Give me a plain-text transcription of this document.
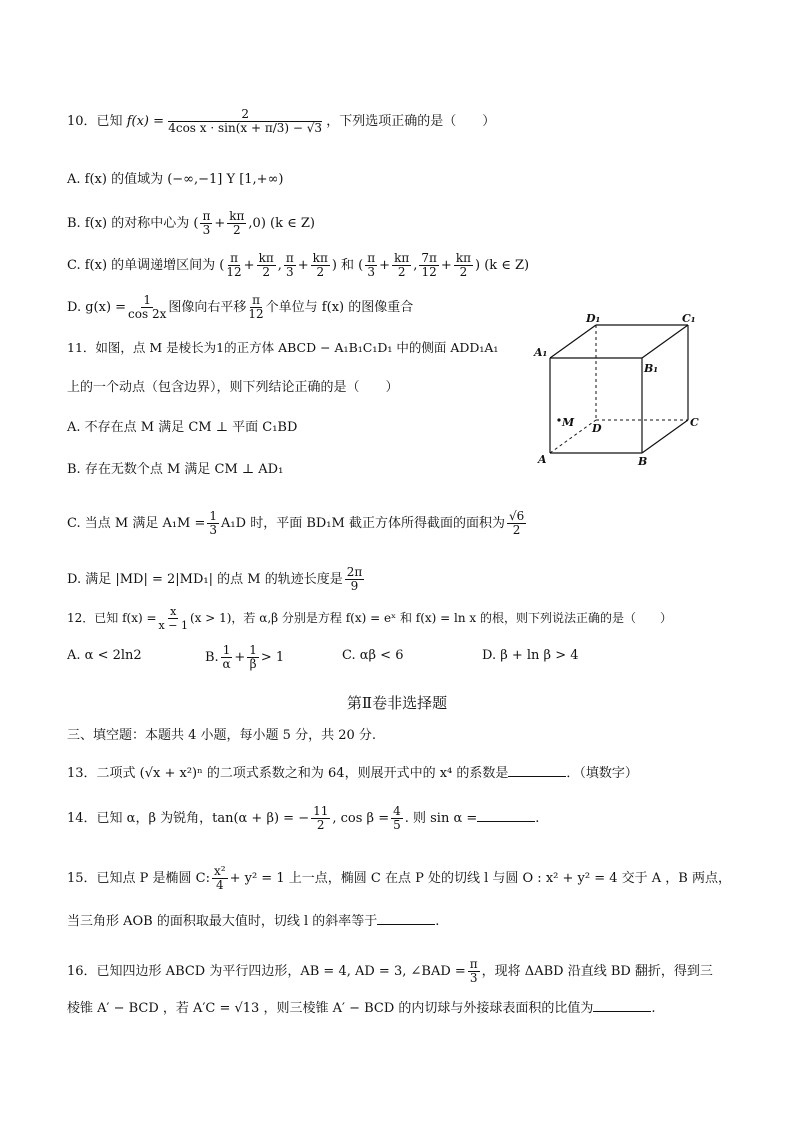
10．已知 $f(x) = \frac{2}{\text{4cos x · sin(x + π/3) − √3}}$ ，下列选项正确的是（　　）
A. f(x) 的值域为 (−∞,−1] Y [1,+∞)
B. f(x) 的对称中心为 ( $\frac{\pi}{3} + \frac{k\pi}{2} ,0$) (k ∈ Z)
C. f(x) 的单调递增区间为 ( $\frac{\pi}{12} + \frac{k\pi}{2}$ , $\frac{\pi}{3} + \frac{k\pi}{2}$ ) 和 ( $\frac{\pi}{3} + \frac{k\pi}{2}$ , $\frac{7\pi}{12} + \frac{k\pi}{2}$ ) (k ∈ Z)
D. $g(x) = \frac{1}{\cos 2x}$ 图像向右平移 $\frac{\pi}{12}$ 个单位与 f(x) 的图像重合
11．如图，点 M 是棱长为1的正方体 ABCD − A₁B₁C₁D₁ 中的侧面 ADD₁A₁
上的一个动点（包含边界），则下列结论正确的是（　　）
A. 不存在点 M 满足 CM ⊥ 平面 C₁BD
B. 存在无数个点 M 满足 CM ⊥ AD₁
C. 当点 M 满足 $A_1M = \frac{1}{3} A_1D$ 时，平面 BD₁M 截正方体所得截面的面积为 $\frac{√6}{2}$
D. 满足 |MD| = 2|MD₁| 的点 M 的轨迹长度是 $\frac{2\pi}{9}$
D₁	C₁
A₁
B₁
M D	C
A	B
12．已知 $f(x) = \frac{x}{x - 1} (x > 1)$，若 α,β 分别是方程 f(x) = eˣ 和 f(x) = ln x 的根，则下列说法正确的是（　　）
A. α < 2ln2	B. $\frac{1}{\alpha} + \frac{1}{\beta} > 1$	C. αβ < 6	D. β + ln β > 4
第Ⅱ卷非选择题
三、填空题：本题共 4 小题，每小题 5 分，共 20 分.
13．二项式 (√x + x²)ⁿ 的二项式系数之和为 64，则展开式中的 x⁴ 的系数是	．（填数字）
14．已知 α，β 为锐角，tan(α + β) = − $\frac{11}{2}$ , $\cos \beta = \frac{4}{5}$ . 则 sin α =	.
15．已知点 P 是椭圆 C: $\frac{\text{x²}}{4} + y^2 = 1$ 上一点，椭圆 C 在点 P 处的切线 l 与圆 O : x² + y² = 4 交于 A ，B 两点，
当三角形 AOB 的面积取最大值时，切线 l 的斜率等于	.
16．已知四边形 ABCD 为平行四边形，AB = 4, AD = 3, ∠BAD = $\frac{\pi}{3}$ ，现将 ΔABD 沿直线 BD 翻折，得到三
棱锥 A′ − BCD ，若 A′C = √13 ，则三棱锥 A′ − BCD 的内切球与外接球表面积的比值为	.
